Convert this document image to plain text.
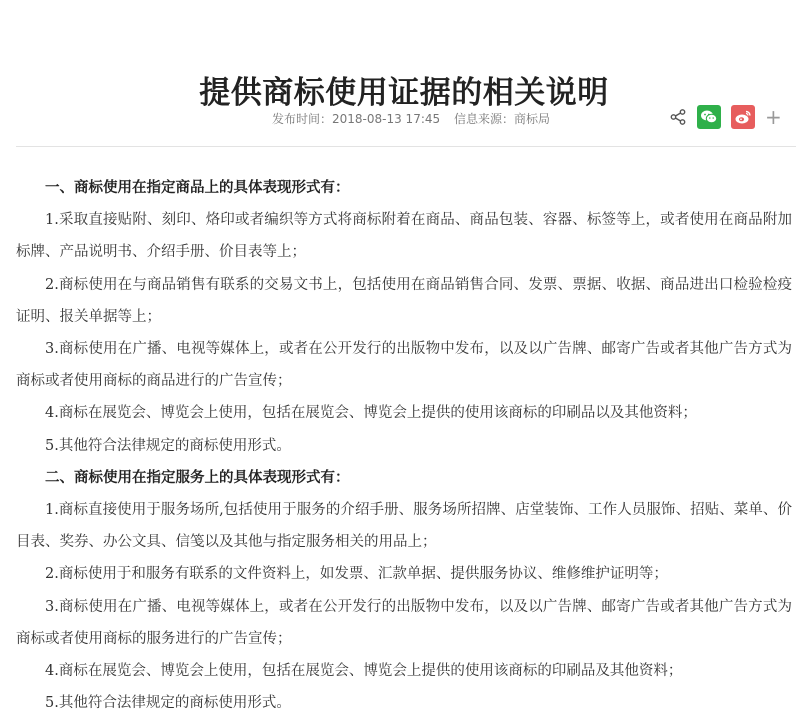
提供商标使用证据的相关说明
发布时间：2018-08-13 17:45 信息来源：商标局	+

一、商标使用在指定商品上的具体表现形式有：

1.采取直接贴附、刻印、烙印或者编织等方式将商标附着在商品、商品包装、容器、标签等上，或者使用在商品附加标牌、产品说明书、介绍手册、价目表等上；

2.商标使用在与商品销售有联系的交易文书上，包括使用在商品销售合同、发票、票据、收据、商品进出口检验检疫证明、报关单据等上；

3.商标使用在广播、电视等媒体上，或者在公开发行的出版物中发布，以及以广告牌、邮寄广告或者其他广告方式为商标或者使用商标的商品进行的广告宣传；

4.商标在展览会、博览会上使用，包括在展览会、博览会上提供的使用该商标的印刷品以及其他资料；

5.其他符合法律规定的商标使用形式。

二、商标使用在指定服务上的具体表现形式有：

1.商标直接使用于服务场所,包括使用于服务的介绍手册、服务场所招牌、店堂装饰、工作人员服饰、招贴、菜单、价目表、奖券、办公文具、信笺以及其他与指定服务相关的用品上；

2.商标使用于和服务有联系的文件资料上，如发票、汇款单据、提供服务协议、维修维护证明等；

3.商标使用在广播、电视等媒体上，或者在公开发行的出版物中发布，以及以广告牌、邮寄广告或者其他广告方式为商标或者使用商标的服务进行的广告宣传；

4.商标在展览会、博览会上使用，包括在展览会、博览会上提供的使用该商标的印刷品及其他资料；

5.其他符合法律规定的商标使用形式。
